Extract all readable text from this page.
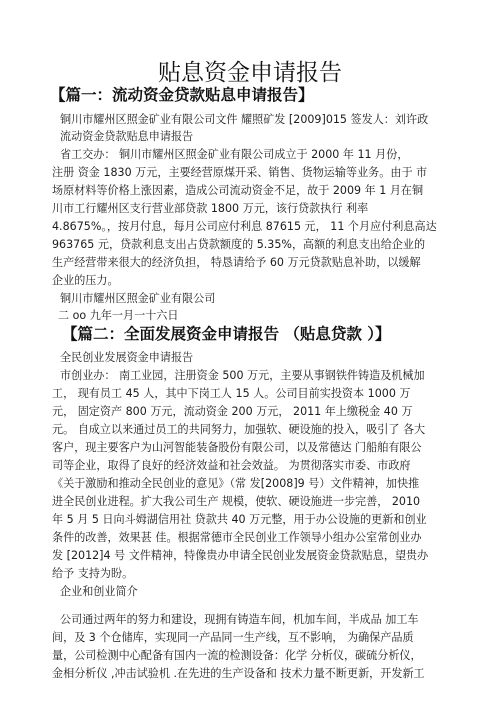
贴息资金申请报告
【篇一：流动资金贷款贴息申请报告】
铜川市耀州区照金矿业有限公司文件 耀照矿发 [2009]015 签发人：刘许政
流动资金贷款贴息申请报告
省工交办： 铜川市耀州区照金矿业有限公司成立于 2000 年 11 月份，
注册 资金 1830 万元，主要经营原煤开采、销售、货物运输等业务。由于 市
场原材料等价格上涨因素，造成公司流动资金不足，故于 2009 年 1 月在铜
川市工行耀州区支行营业部贷款 1800 万元，该行贷款执行 利率
4.8675%。，按月付息，每月公司应付利息 87615 元， 11 个月应付利息高达
963765 元，贷款利息支出占贷款额度的 5.35%，高额的利息支出给企业的
生产经营带来很大的经济负担， 特恳请给予 60 万元贷款贴息补助，以缓解
企业的压力。
铜川市耀州区照金矿业有限公司
二 oo 九年一月一十六日
【篇二：全面发展资金申请报告 （贴息贷款 ）】
全民创业发展资金申请报告
市创业办： 南工业园，注册资金 500 万元，主要从事钢铁件铸造及机械加
工， 现有员工 45 人，其中下岗工人 15 人。公司目前实投资本 1000 万
元， 固定资产 800 万元，流动资金 200 万元， 2011 年上缴税金 40 万
元。 自成立以来通过员工的共同努力，加强软、硬设施的投入，吸引了 各大
客户，现主要客户为山河智能装备股份有限公司，以及常德达 门船舶有限公
司等企业，取得了良好的经济效益和社会效益。 为贯彻落实市委、市政府
《关于激励和推动全民创业的意见》（常 发[2008]9 号）文件精神，加快推
进全民创业进程。扩大我公司生产 规模，使软、硬设施进一步完善， 2010
年 5 月 5 日向斗姆湖信用社 贷款共 40 万元整，用于办公设施的更新和创业
条件的改善，效果甚 佳。根据常德市全民创业工作领导小组办公室常创业办
发 [2012]4 号 文件精神，特像贵办申请全民创业发展资金贷款贴息，望贵办
给予 支持为盼。
企业和创业简介
公司通过两年的努力和建设，现拥有铸造车间，机加车间，半成品 加工车
间，及 3 个仓储库，实现同一产品同一生产线，互不影响， 为确保产品质
量，公司检测中心配备有国内一流的检测设备：化学 分析仪，碳硫分析仪，
金相分析仪 ,冲击试验机 .在先进的生产设备和 技术力量不断更新，开发新工
